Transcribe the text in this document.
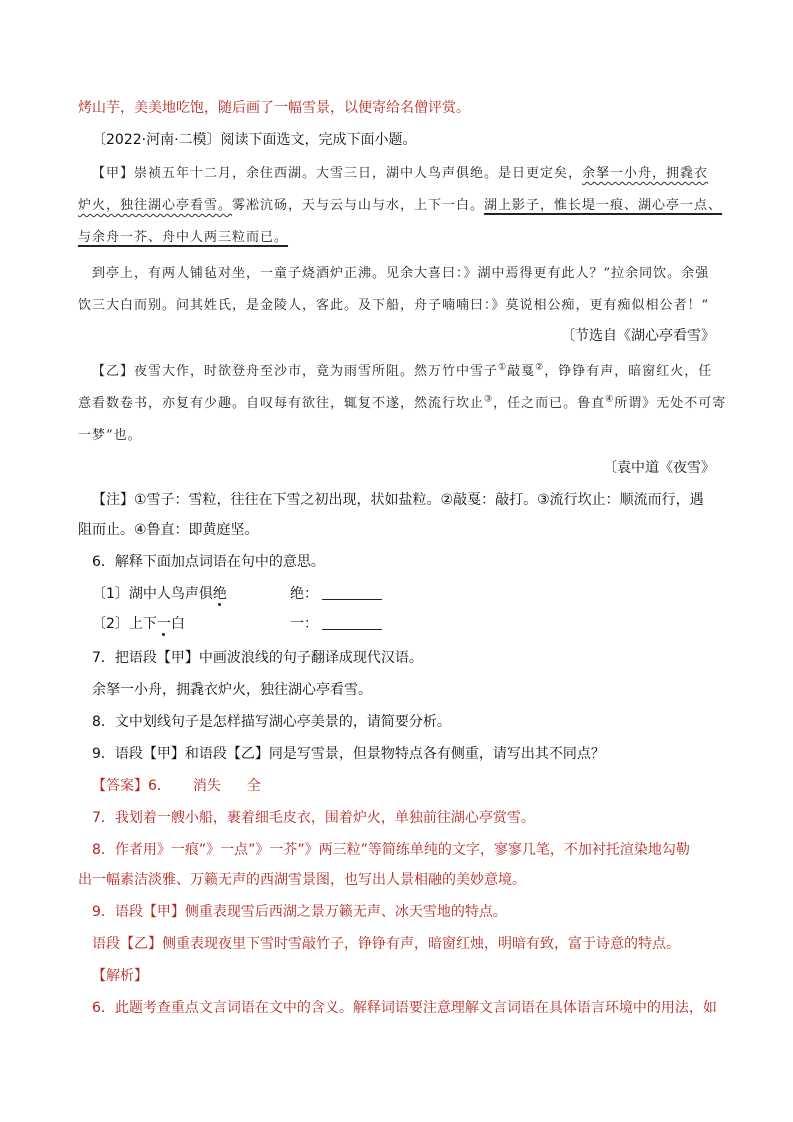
烤山芋，美美地吃饱，随后画了一幅雪景，以便寄给名僧评赏。
〔2022·河南·二模〕阅读下面选文，完成下面小题。
【甲】崇祯五年十二月，余住西湖。大雪三日，湖中人鸟声俱绝。是日更定矣，余拏一小舟，拥毳衣
炉火，独往湖心亭看雪。雾凇沆砀，天与云与山与水，上下一白。湖上影子，惟长堤一痕、湖心亭一点、
与余舟一芥、舟中人两三粒而已。
到亭上，有两人铺毡对坐，一童子烧酒炉正沸。见余大喜曰：》湖中焉得更有此人？”拉余同饮。余强
饮三大白而别。问其姓氏，是金陵人，客此。及下船，舟子喃喃曰：》莫说相公痴，更有痴似相公者！”
〔节选自《湖心亭看雪》
【乙】夜雪大作，时欲登舟至沙市，竟为雨雪所阻。然万竹中雪子①敲戛②，铮铮有声，暗窗红火，任
意看数卷书，亦复有少趣。自叹每有欲往，辄复不遂，然流行坎止③，任之而已。鲁直④所谓》无处不可寄
一梦”也。
〔袁中道《夜雪》
【注】①雪子：雪粒，往往在下雪之初出现，状如盐粒。②敲戛：敲打。③流行坎止：顺流而行，遇
阻而止。④鲁直：即黄庭坚。
6．解释下面加点词语在句中的意思。
〔1〕湖中人鸟声俱绝	绝：
〔2〕上下一白	一：
7．把语段【甲】中画波浪线的句子翻译成现代汉语。
余拏一小舟，拥毳衣炉火，独往湖心亭看雪。
8．文中划线句子是怎样描写湖心亭美景的，请简要分析。
9．语段【甲】和语段【乙】同是写雪景，但景物特点各有侧重，请写出其不同点？
【答案】6． 消失 全
7．我划着一艘小船，裹着细毛皮衣，围着炉火，单独前往湖心亭赏雪。
8．作者用》一痕”》一点”》一芥”》两三粒”等简练单纯的文字，寥寥几笔，不加衬托渲染地勾勒
出一幅素洁淡雅、万籁无声的西湖雪景图，也写出人景相融的美妙意境。
9．语段【甲】侧重表现雪后西湖之景万籁无声、冰天雪地的特点。
语段【乙】侧重表现夜里下雪时雪敲竹子，铮铮有声，暗窗红烛，明暗有致，富于诗意的特点。
【解析】
6．此题考查重点文言词语在文中的含义。解释词语要注意理解文言词语在具体语言环境中的用法，如
